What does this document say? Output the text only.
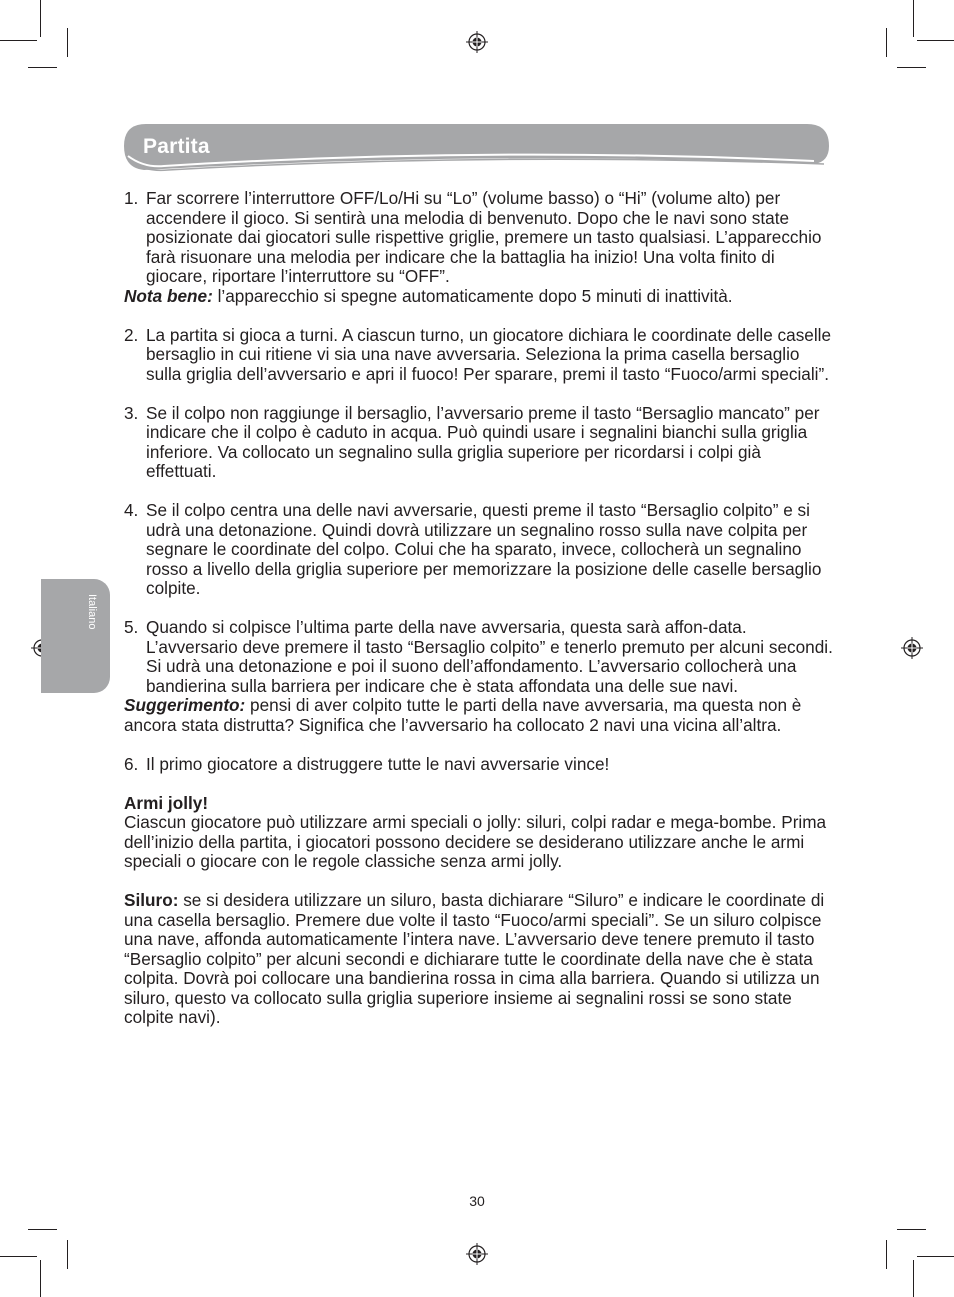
Partita
Italiano
1. Far scorrere l’interruttore OFF/Lo/Hi su “Lo” (volume basso) o “Hi” (volume alto) per accendere il gioco. Si sentirà una melodia di benvenuto. Dopo che le navi sono state posizionate dai giocatori sulle rispettive griglie, premere un tasto qualsiasi. L’apparecchio farà risuonare una melodia per indicare che la battaglia ha inizio! Una volta finito di giocare, riportare l’interruttore su “OFF”.
Nota bene: l’apparecchio si spegne automaticamente dopo 5 minuti di inattività.
2. La partita si gioca a turni. A ciascun turno, un giocatore dichiara le coordinate delle caselle bersaglio in cui ritiene vi sia una nave avversaria. Seleziona la prima casella bersaglio sulla griglia dell’avversario e apri il fuoco! Per sparare, premi il tasto “Fuoco/armi speciali”.
3. Se il colpo non raggiunge il bersaglio, l’avversario preme il tasto “Bersaglio mancato” per indicare che il colpo è caduto in acqua. Può quindi usare i segnalini bianchi sulla griglia inferiore. Va collocato un segnalino sulla griglia superiore per ricordarsi i colpi già effettuati.
4. Se il colpo centra una delle navi avversarie, questi preme il tasto “Bersaglio colpito” e si udrà una detonazione. Quindi dovrà utilizzare un segnalino rosso sulla nave colpita per segnare le coordinate del colpo. Colui che ha sparato, invece, collocherà un segnalino rosso a livello della griglia superiore per memorizzare la posizione delle caselle bersaglio colpite.
5. Quando si colpisce l’ultima parte della nave avversaria, questa sarà affon-data. L’avversario deve premere il tasto “Bersaglio colpito” e tenerlo premuto per alcuni secondi. Si udrà una detonazione e poi il suono dell’affondamento. L’avversario collocherà una bandierina sulla barriera per indicare che è stata affondata una delle sue navi.
Suggerimento: pensi di aver colpito tutte le parti della nave avversaria, ma questa non è ancora stata distrutta? Significa che l’avversario ha collocato 2 navi una vicina all’altra.
6. Il primo giocatore a distruggere tutte le navi avversarie vince!
Armi jolly!
Ciascun giocatore può utilizzare armi speciali o jolly: siluri, colpi radar e mega-bombe. Prima dell’inizio della partita, i giocatori possono decidere se desiderano utilizzare anche le armi speciali o giocare con le regole classiche senza armi jolly.
Siluro: se si desidera utilizzare un siluro, basta dichiarare “Siluro” e indicare le coordinate di una casella bersaglio. Premere due volte il tasto “Fuoco/armi speciali”. Se un siluro colpisce una nave, affonda automaticamente l’intera nave. L’avversario deve tenere premuto il tasto “Bersaglio colpito” per alcuni secondi e dichiarare tutte le coordinate della nave che è stata colpita. Dovrà poi collocare una bandierina rossa in cima alla barriera. Quando si utilizza un siluro, questo va collocato sulla griglia superiore insieme ai segnalini rossi se sono state colpite navi).
30
